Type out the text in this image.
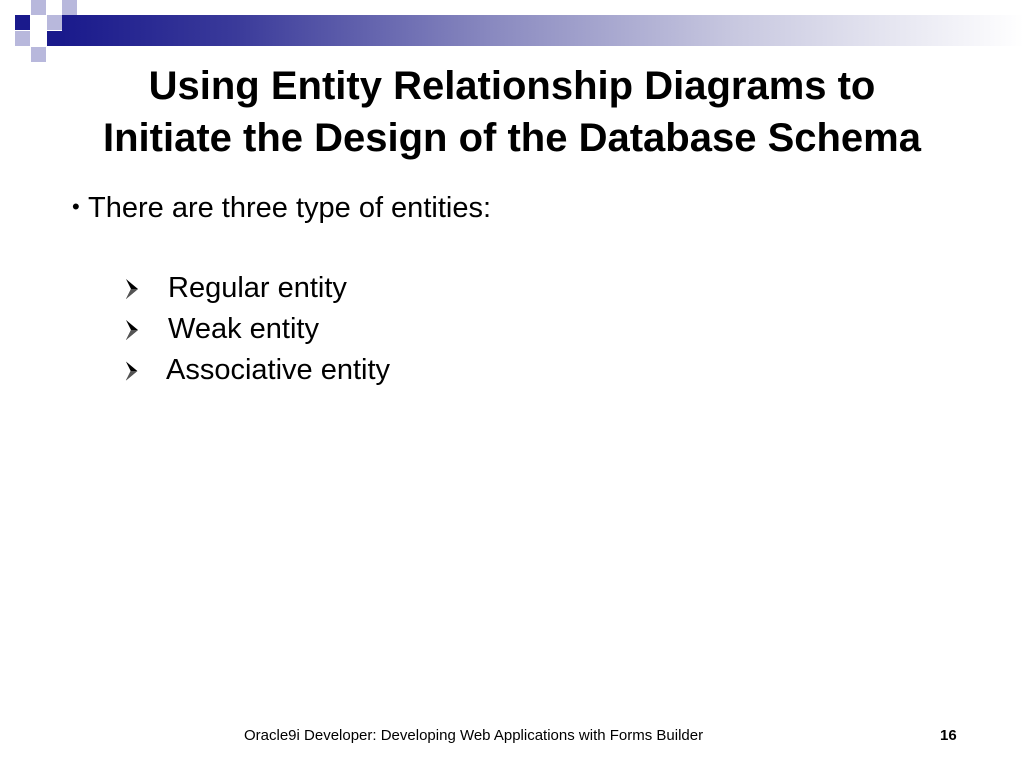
Using Entity Relationship Diagrams to
Initiate the Design of the Database Schema
• There are three type of entities:
Regular entity
Weak entity
Associative entity
Oracle9i Developer: Developing Web Applications with Forms Builder	16
